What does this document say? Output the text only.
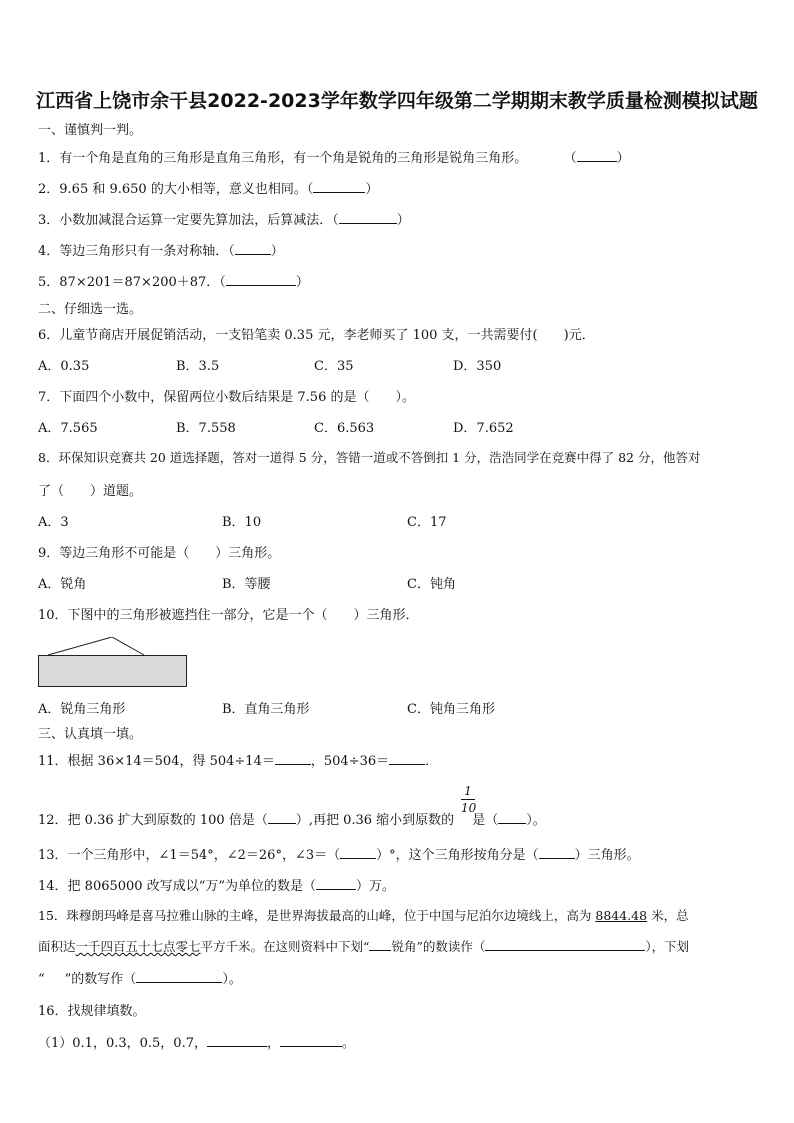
江西省上饶市余干县2022-2023学年数学四年级第二学期期末教学质量检测模拟试题
一、谨慎判一判。
1．有一个角是直角的三角形是直角三角形，有一个角是锐角的三角形是锐角三角形。	（	）
2．9.65 和 9.650 的大小相等，意义也相同。（	）
3．小数加减混合运算一定要先算加法，后算减法．（	）
4．等边三角形只有一条对称轴．（	）
5．87×201＝87×200＋87．（	）
二、仔细选一选。
6．儿童节商店开展促销活动，一支铅笔卖 0.35 元，李老师买了 100 支，一共需要付(　　)元．
A．0.35	B．3.5	C．35	D．350
7．下面四个小数中，保留两位小数后结果是 7.56 的是（　　）。
A．7.565	B．7.558	C．6.563	D．7.652
8．环保知识竞赛共 20 道选择题，答对一道得 5 分，答错一道或不答倒扣 1 分，浩浩同学在竞赛中得了 82 分，他答对
了（　　）道题。
A．3	B．10	C．17
9．等边三角形不可能是（　　）三角形。
A．锐角	B．等腰	C．钝角
10．下图中的三角形被遮挡住一部分，它是一个（　　）三角形．
A．锐角三角形	B．直角三角形	C．钝角三角形
三、认真填一填。
11．根据 36×14＝504，得 504÷14＝	，504÷36＝	．
1
10
12．把 0.36 扩大到原数的 100 倍是（ ）,再把 0.36 缩小到原数的 是（ ）。
13．一个三角形中，∠1＝54°，∠2＝26°，∠3＝（	）°，这个三角形按角分是（	）三角形。
14．把 8065000 改写成以“万”为单位的数是（	）万。
15．珠穆朗玛峰是喜马拉雅山脉的主峰，是世界海拔最高的山峰，位于中国与尼泊尔边境线上，高为 8844.48 米，总
面积达一千四百五十七点零七平方千米。在这则资料中下划“ 锐角”的数读作（	），下划
“ ”的数写作（	）。
16．找规律填数。
（1）0.1，0.3，0.5，0.7，	，	。
